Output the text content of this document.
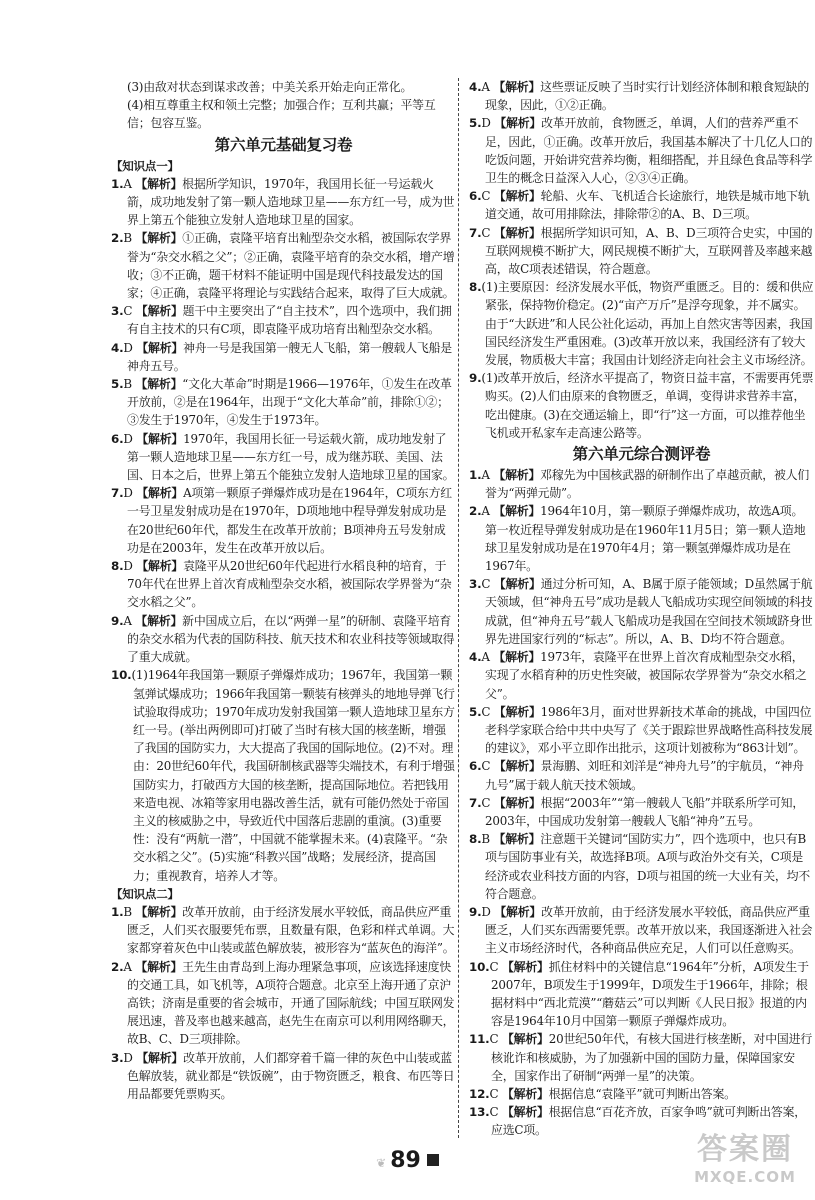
(3)由敌对状态到谋求改善；中美关系开始走向正常化。

(4)相互尊重主权和领土完整；加强合作；互利共赢；平等互信；包容互鉴。

第六单元基础复习卷
【知识点一】

1.A 【解析】根据所学知识，1970年，我国用长征一号运载火箭，成功地发射了第一颗人造地球卫星——东方红一号，成为世界上第五个能独立发射人造地球卫星的国家。

2.B 【解析】①正确，袁隆平培育出籼型杂交水稻，被国际农学界誉为“杂交水稻之父”；②正确，袁隆平培育的杂交水稻，增产增收；③不正确，题干材料不能证明中国是现代科技最发达的国家；④正确，袁隆平将理论与实践结合起来，取得了巨大成就。

3.C 【解析】题干中主要突出了“自主技术”，四个选项中，我们拥有自主技术的只有C项，即袁隆平成功培育出籼型杂交水稻。

4.D 【解析】神舟一号是我国第一艘无人飞船，第一艘载人飞船是神舟五号。

5.B 【解析】“文化大革命”时期是1966—1976年，①发生在改革开放前，②是在1964年，出现于“文化大革命”前，排除①②；③发生于1970年，④发生于1973年。

6.D 【解析】1970年，我国用长征一号运载火箭，成功地发射了第一颗人造地球卫星——东方红一号，成为继苏联、美国、法国、日本之后，世界上第五个能独立发射人造地球卫星的国家。

7.D 【解析】A项第一颗原子弹爆炸成功是在1964年，C项东方红一号卫星发射成功是在1970年，D项地地中程导弹发射成功是在20世纪60年代，都发生在改革开放前；B项神舟五号发射成功是在2003年，发生在改革开放以后。

8.D 【解析】袁隆平从20世纪60年代起进行水稻良种的培育，于70年代在世界上首次育成籼型杂交水稻，被国际农学界誉为“杂交水稻之父”。

9.A 【解析】新中国成立后，在以“两弹一星”的研制、袁隆平培育的杂交水稻为代表的国防科技、航天技术和农业科技等领域取得了重大成就。

10.(1)1964年我国第一颗原子弹爆炸成功；1967年，我国第一颗氢弹试爆成功；1966年我国第一颗装有核弹头的地地导弹飞行试验取得成功；1970年成功发射我国第一颗人造地球卫星东方红一号。(举出两例即可)打破了当时有核大国的核垄断，增强了我国的国防实力，大大提高了我国的国际地位。(2)不对。理由：20世纪60年代，我国研制核武器等尖端技术，有利于增强国防实力，打破西方大国的核垄断，提高国际地位。若把钱用来造电视、冰箱等家用电器改善生活，就有可能仍然处于帝国主义的核威胁之中，导致近代中国落后悲剧的重演。(3)重要性：没有“两航一潜”，中国就不能掌握未来。(4)袁隆平。“杂交水稻之父”。(5)实施“科教兴国”战略；发展经济，提高国力；重视教育，培养人才等。

【知识点二】

1.B 【解析】改革开放前，由于经济发展水平较低，商品供应严重匮乏，人们买衣服要凭布票，且数量有限，色彩和样式单调。大家都穿着灰色中山装或蓝色解放装，被形容为“蓝灰色的海洋”。

2.A 【解析】王先生由青岛到上海办理紧急事项，应该选择速度快的交通工具，如飞机等，A项符合题意。北京至上海开通了京沪高铁；济南是重要的省会城市，开通了国际航线；中国互联网发展迅速，普及率也越来越高，赵先生在南京可以利用网络聊天，故B、C、D三项排除。

3.D 【解析】改革开放前，人们都穿着千篇一律的灰色中山装或蓝色解放装，就业都是“铁饭碗”，由于物资匮乏，粮食、布匹等日用品都要凭票购买。

4.A 【解析】这些票证反映了当时实行计划经济体制和粮食短缺的现象，因此，①②正确。

5.D 【解析】改革开放前，食物匮乏，单调，人们的营养严重不足，因此，①正确。改革开放后，我国基本解决了十几亿人口的吃饭问题，开始讲究营养均衡，粗细搭配，并且绿色食品等科学卫生的概念日益深入人心，②③④正确。

6.C 【解析】轮船、火车、飞机适合长途旅行，地铁是城市地下轨道交通，故可用排除法，排除带②的A、B、D三项。

7.C 【解析】根据所学知识可知，A、B、D三项符合史实，中国的互联网规模不断扩大，网民规模不断扩大，互联网普及率越来越高，故C项表述错误，符合题意。

8.(1)主要原因：经济发展水平低，物资严重匮乏。目的：缓和供应紧张，保持物价稳定。(2)“亩产万斤”是浮夸现象，并不属实。由于“大跃进”和人民公社化运动，再加上自然灾害等因素，我国国民经济发生严重困难。(3)改革开放以来，我国经济有了较大发展，物质极大丰富；我国由计划经济走向社会主义市场经济。

9.(1)改革开放后，经济水平提高了，物资日益丰富，不需要再凭票购买。(2)人们由原来的食物匮乏，单调，变得讲求营养丰富，吃出健康。(3)在交通运输上，即“行”这一方面，可以推荐他坐飞机或开私家车走高速公路等。

第六单元综合测评卷

1.A 【解析】邓稼先为中国核武器的研制作出了卓越贡献，被人们誉为“两弹元勋”。

2.A 【解析】1964年10月，第一颗原子弹爆炸成功，故选A项。第一枚近程导弹发射成功是在1960年11月5日；第一颗人造地球卫星发射成功是在1970年4月；第一颗氢弹爆炸成功是在1967年。

3.C 【解析】通过分析可知，A、B属于原子能领域；D虽然属于航天领域，但“神舟五号”成功是载人飞船成功实现空间领域的科技成就，但“神舟五号”载人飞船成功是我国在空间技术领域跻身世界先进国家行列的“标志”。所以，A、B、D均不符合题意。

4.A 【解析】1973年，袁隆平在世界上首次育成籼型杂交水稻，实现了水稻育种的历史性突破，被国际农学界誉为“杂交水稻之父”。

5.C 【解析】1986年3月，面对世界新技术革命的挑战，中国四位老科学家联合给中共中央写了《关于跟踪世界战略性高科技发展的建议》，邓小平立即作出批示，这项计划被称为“863计划”。

6.C 【解析】景海鹏、刘旺和刘洋是“神舟九号”的宇航员，“神舟九号”属于载人航天技术领域。

7.C 【解析】根据“2003年”“第一艘载人飞船”并联系所学可知，2003年，中国成功发射第一艘载人飞船“神舟”五号。

8.B 【解析】注意题干关键词“国防实力”，四个选项中，也只有B项与国防事业有关，故选择B项。A项与政治外交有关，C项是经济或农业科技方面的内容，D项与祖国的统一大业有关，均不符合题意。

9.D 【解析】改革开放前，由于经济发展水平较低，商品供应严重匮乏，人们买东西需要凭票。改革开放以来，我国逐渐进入社会主义市场经济时代，各种商品供应充足，人们可以任意购买。

10.C 【解析】抓住材料中的关键信息“1964年”分析，A项发生于2007年，B项发生于1999年，D项发生于1966年，排除；根据材料中“西北荒漠”“蘑菇云”可以判断《人民日报》报道的内容是1964年10月中国第一颗原子弹爆炸成功。

11.C 【解析】20世纪50年代，有核大国进行核垄断，对中国进行核讹诈和核威胁，为了加强新中国的国防力量，保障国家安全，国家作出了研制“两弹一星”的决策。

12.C 【解析】根据信息“袁隆平”就可判断出答案。

13.C 【解析】根据信息“百花齐放，百家争鸣”就可判断出答案，应选C项。

❦ 89	答案圈
MXQE.COM
